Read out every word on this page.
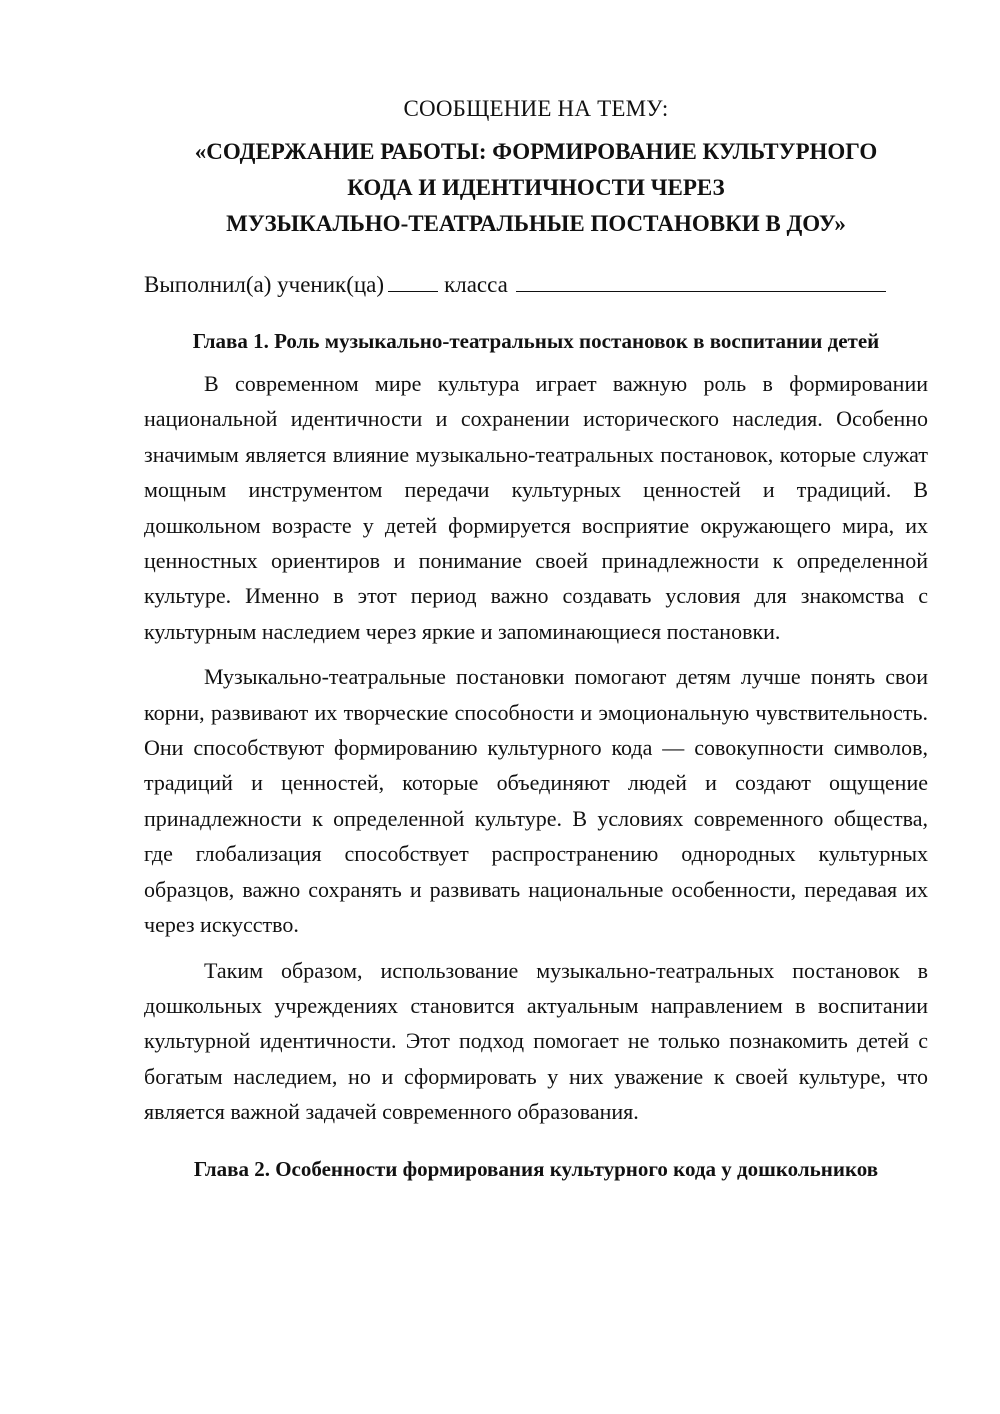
СООБЩЕНИЕ НА ТЕМУ:
«СОДЕРЖАНИЕ РАБОТЫ: ФОРМИРОВАНИЕ КУЛЬТУРНОГО
КОДА И ИДЕНТИЧНОСТИ ЧЕРЕЗ
МУЗЫКАЛЬНО-ТЕАТРАЛЬНЫЕ ПОСТАНОВКИ В ДОУ»
Выполнил(а) ученик(ца)	класса
Глава 1. Роль музыкально-театральных постановок в воспитании детей

В современном мире культура играет важную роль в формировании национальной идентичности и сохранении исторического наследия. Особенно значимым является влияние музыкально-театральных постановок, которые служат мощным инструментом передачи культурных ценностей и традиций. В дошкольном возрасте у детей формируется восприятие окружающего мира, их ценностных ориентиров и понимание своей принадлежности к определенной культуре. Именно в этот период важно создавать условия для знакомства с культурным наследием через яркие и запоминающиеся постановки.

Музыкально-театральные постановки помогают детям лучше понять свои корни, развивают их творческие способности и эмоциональную чувствительность. Они способствуют формированию культурного кода — совокупности символов, традиций и ценностей, которые объединяют людей и создают ощущение принадлежности к определенной культуре. В условиях современного общества, где глобализация способствует распространению однородных культурных образцов, важно сохранять и развивать национальные особенности, передавая их через искусство.

Таким образом, использование музыкально-театральных постановок в дошкольных учреждениях становится актуальным направлением в воспитании культурной идентичности. Этот подход помогает не только познакомить детей с богатым наследием, но и сформировать у них уважение к своей культуре, что является важной задачей современного образования.

Глава 2. Особенности формирования культурного кода у дошкольников
